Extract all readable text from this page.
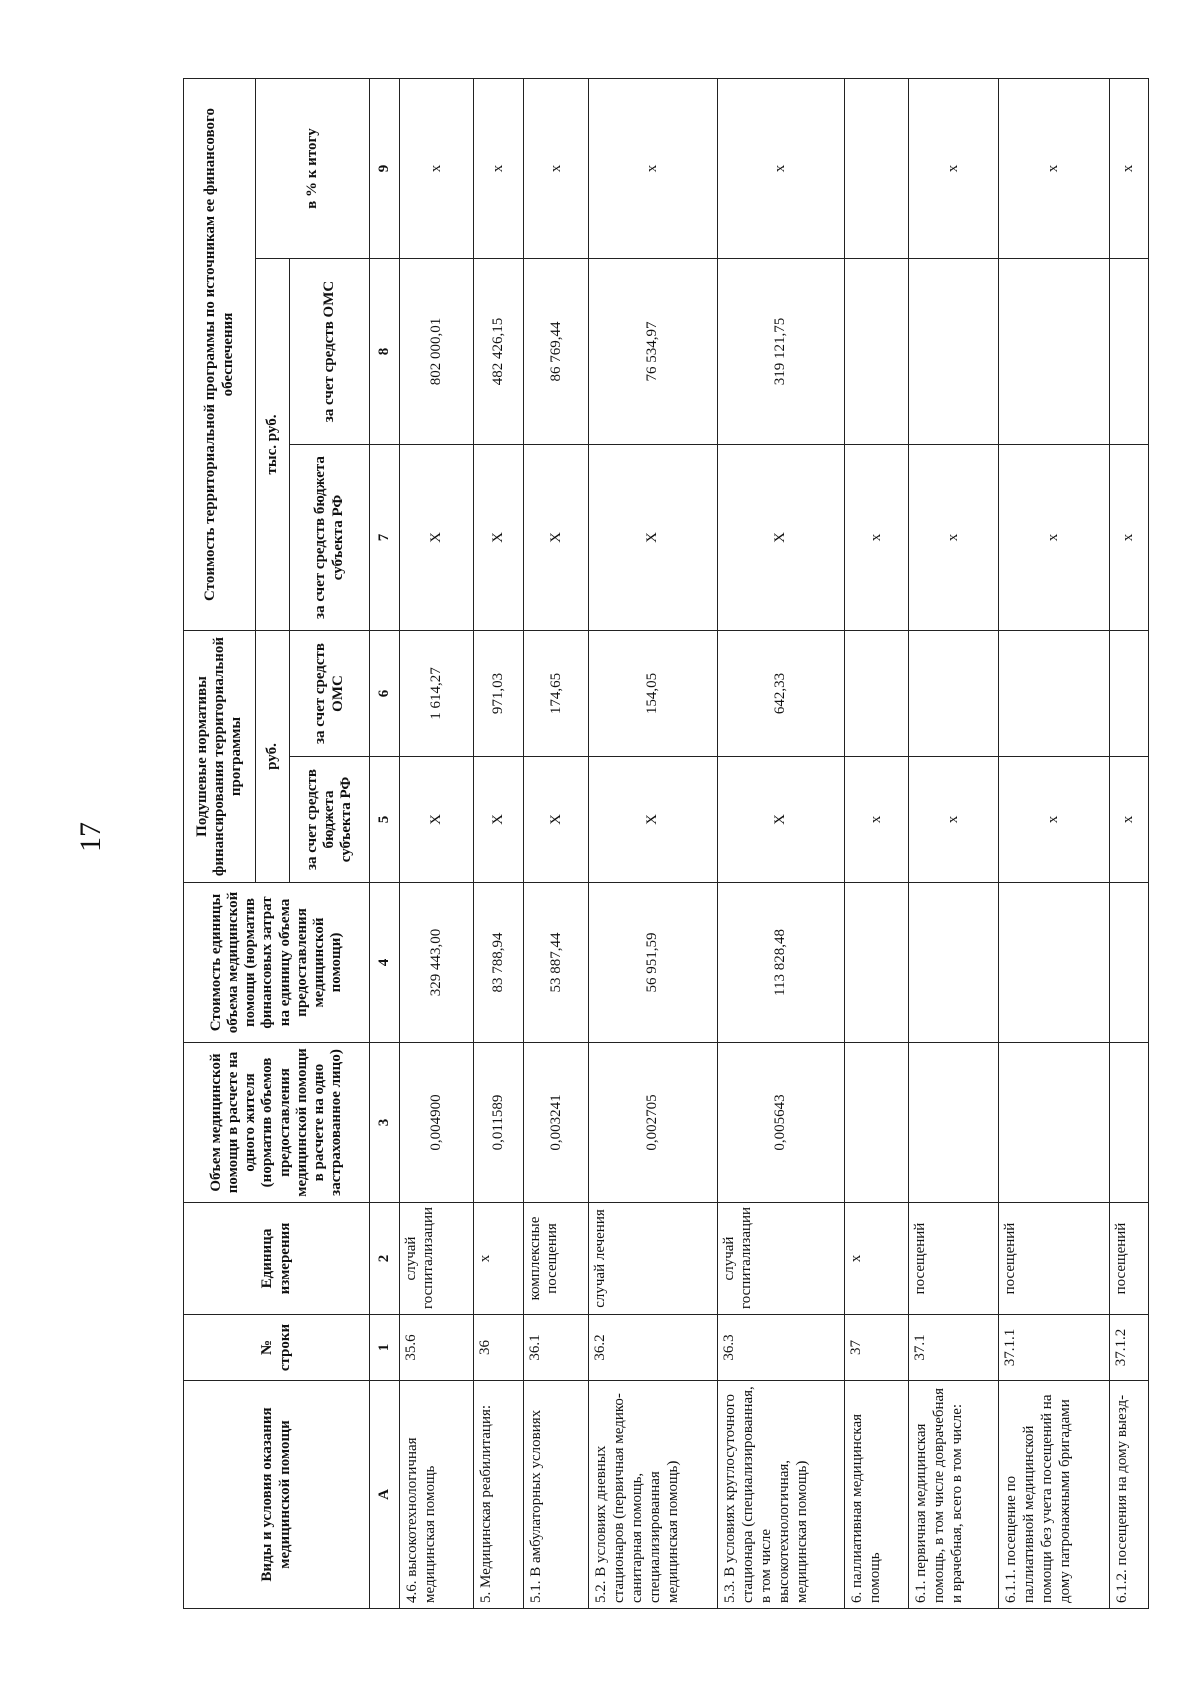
17
Виды и условия оказания медицинской помощи	№ строки	Единица измерения	Объем медицинской помощи в расчете на одного жителя (норматив объемов предоставления медицинской помощи в расчете на одно застрахованное лицо)	Стоимость единицы объема медицинской помощи (норматив финансовых затрат на единицу объема предоставления медицинской помощи)	Подушевые нормативы финансирования территориальной программы		Стоимость территориальной программы по источникам ее финансового обеспечения		
					руб.		тыс. руб.		в % к итогу
					за счет средств бюджета субъекта РФ	за счет средств ОМС	за счет средств бюджета субъекта РФ	за счет средств ОМС	
А	1	2	3	4	5	6	7	8	9
4.6. высокотехнологичная медицинская помощь	35.6	случай госпитализации	0,004900	329 443,00	Х	1 614,27	Х	802 000,01	х
5. Медицинская реабилитация:	36	х	0,011589	83 788,94	Х	971,03	Х	482 426,15	х
5.1. В амбулаторных условиях	36.1	комплексные посещения	0,003241	53 887,44	Х	174,65	Х	86 769,44	х
5.2. В условиях дневных стационаров (первичная медико-санитарная помощь, специализированная медицинская помощь)	36.2	случай лечения	0,002705	56 951,59	Х	154,05	Х	76 534,97	х
5.3. В условиях круглосуточного стационара (специализированная, в том числе высокотехнологичная, медицинская помощь)	36.3	случай госпитализации	0,005643	113 828,48	Х	642,33	Х	319 121,75	х
6. паллиативная медицинская помощь	37	х			х		х		
6.1. первичная медицинская помощь, в том числе доврачебная и врачебная, всего в том числе:	37.1	посещений			х		х		х
6.1.1. посещение по паллиативной медицинской помощи без учета посещений на дому патронажными бригадами	37.1.1	посещений			х		х		х
6.1.2. посещения на дому выезд-	37.1.2	посещений			х		х		х
